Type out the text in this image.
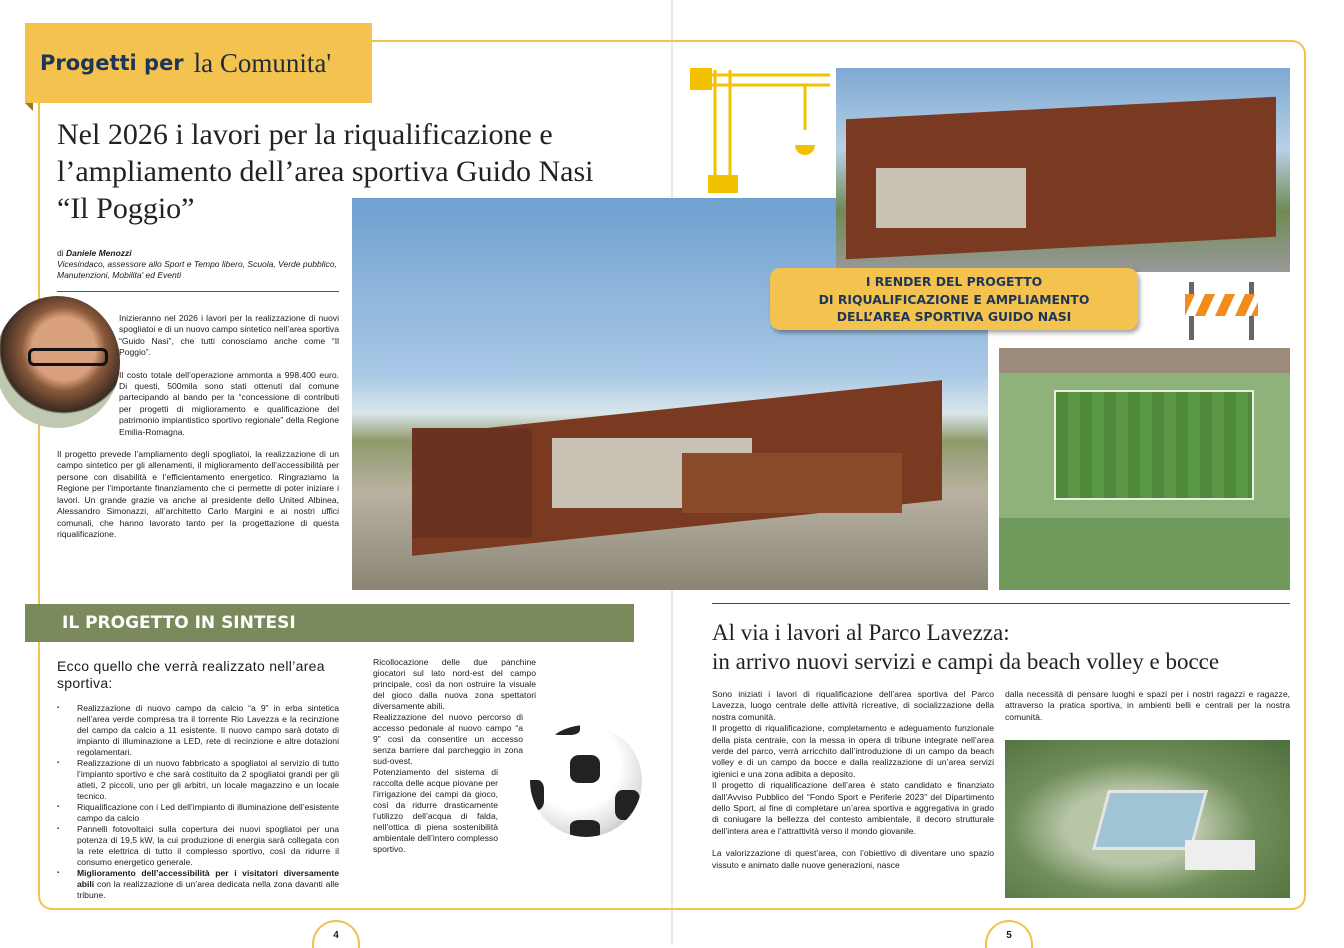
Progetti per la Comunita'
Nel 2026 i lavori per la riqualificazione e l’ampliamento dell’area sportiva Guido Nasi “Il Poggio”
di Daniele Menozzi
Vicesindaco, assessore allo Sport e Tempo libero, Scuola, Verde pubblico, Manutenzioni, Mobilita' ed Eventi

Inizieranno nel 2026 i lavori per la realizzazione di nuovi spogliatoi e di un nuovo campo sintetico nell’area sportiva “Guido Nasi”, che tutti conosciamo anche come “Il Poggio”.

Il costo totale dell’operazione ammonta a 998.400 euro. Di questi, 500mila sono stati ottenuti dal comune partecipando al bando per la “concessione di contributi per progetti di miglioramento e qualificazione del patrimonio impiantistico sportivo regionale” della Regione Emilia-Romagna.

Il progetto prevede l’ampliamento degli spogliatoi, la realizzazione di un campo sintetico per gli allenamenti, il miglioramento dell’accessibilità per persone con disabilità e l’efficientamento energetico. Ringraziamo la Regione per l’importante finanziamento che ci permette di poter iniziare i lavori. Un grande grazie va anche al presidente dello United Albinea, Alessandro Simonazzi, all’architetto Carlo Margini e ai nostri uffici comunali, che hanno lavorato tanto per la progettazione di questa riqualificazione.

IL PROGETTO IN SINTESI

Ecco quello che verrà realizzato nell’area sportiva:

▪ Realizzazione di nuovo campo da calcio “a 9” in erba sintetica nell’area verde compresa tra il torrente Rio Lavezza e la recinzione del campo da calcio a 11 esistente. Il nuovo campo sarà dotato di impianto di illuminazione a LED, rete di recinzione e altre dotazioni regolamentari.
▪ Realizzazione di un nuovo fabbricato a spogliatoi al servizio di tutto l’impianto sportivo e che sarà costituito da 2 spogliatoi grandi per gli atleti, 2 piccoli, uno per gli arbitri, un locale magazzino e un locale tecnico.
▪ Riqualificazione con i Led dell’impianto di illuminazione dell’esistente campo da calcio
▪ Pannelli fotovoltaici sulla copertura dei nuovi spogliatoi per una potenza di 19,5 kW, la cui produzione di energia sarà collegata con la rete elettrica di tutto il complesso sportivo, così da ridurre il consumo energetico generale.
▪ Miglioramento dell’accessibilità per i visitatori diversamente abili con la realizzazione di un’area dedicata nella zona davanti alle tribune.
Ricollocazione delle due panchine giocatori sul lato nord-est del campo principale, così da non ostruire la visuale del gioco dalla nuova zona spettatori diversamente abili.
Realizzazione del nuovo percorso di accesso pedonale al nuovo campo “a 9” così da consentire un accesso senza barriere dal parcheggio in zona sud-ovest.
Potenziamento del sistema di raccolta delle acque piovane per l’irrigazione dei campi da gioco, così da ridurre drasticamente l’utilizzo dell’acqua di falda, nell’ottica di piena sostenibilità ambientale dell’intero complesso sportivo.
I RENDER DEL PROGETTO
DI RIQUALIFICAZIONE E AMPLIAMENTO
DELL’AREA SPORTIVA GUIDO NASI
Al via i lavori al Parco Lavezza:
in arrivo nuovi servizi e campi da beach volley e bocce

Sono iniziati i lavori di riqualificazione dell’area sportiva del Parco Lavezza, luogo centrale delle attività ricreative, di socializzazione della nostra comunità.

Il progetto di riqualificazione, completamento e adeguamento funzionale della pista centrale, con la messa in opera di tribune integrate nell’area verde del parco, verrà arricchito dall’introduzione di un campo da beach volley e di un campo da bocce e dalla realizzazione di un’area servizi igienici e una zona adibita a deposito.

Il progetto di riqualificazione dell’area è stato candidato e finanziato dall’Avviso Pubblico del “Fondo Sport e Periferie 2023” del Dipartimento dello Sport, al fine di completare un’area sportiva e aggregativa in grado di coniugare la bellezza del contesto ambientale, il decoro strutturale dell’intera area e l’attrattività verso il mondo giovanile.

La valorizzazione di quest’area, con l’obiettivo di diventare uno spazio vissuto e animato dalle nuove generazioni, nasce

dalla necessità di pensare luoghi e spazi per i nostri ragazzi e ragazze, attraverso la pratica sportiva, in ambienti belli e centrali per la nostra comunità.

4	5
